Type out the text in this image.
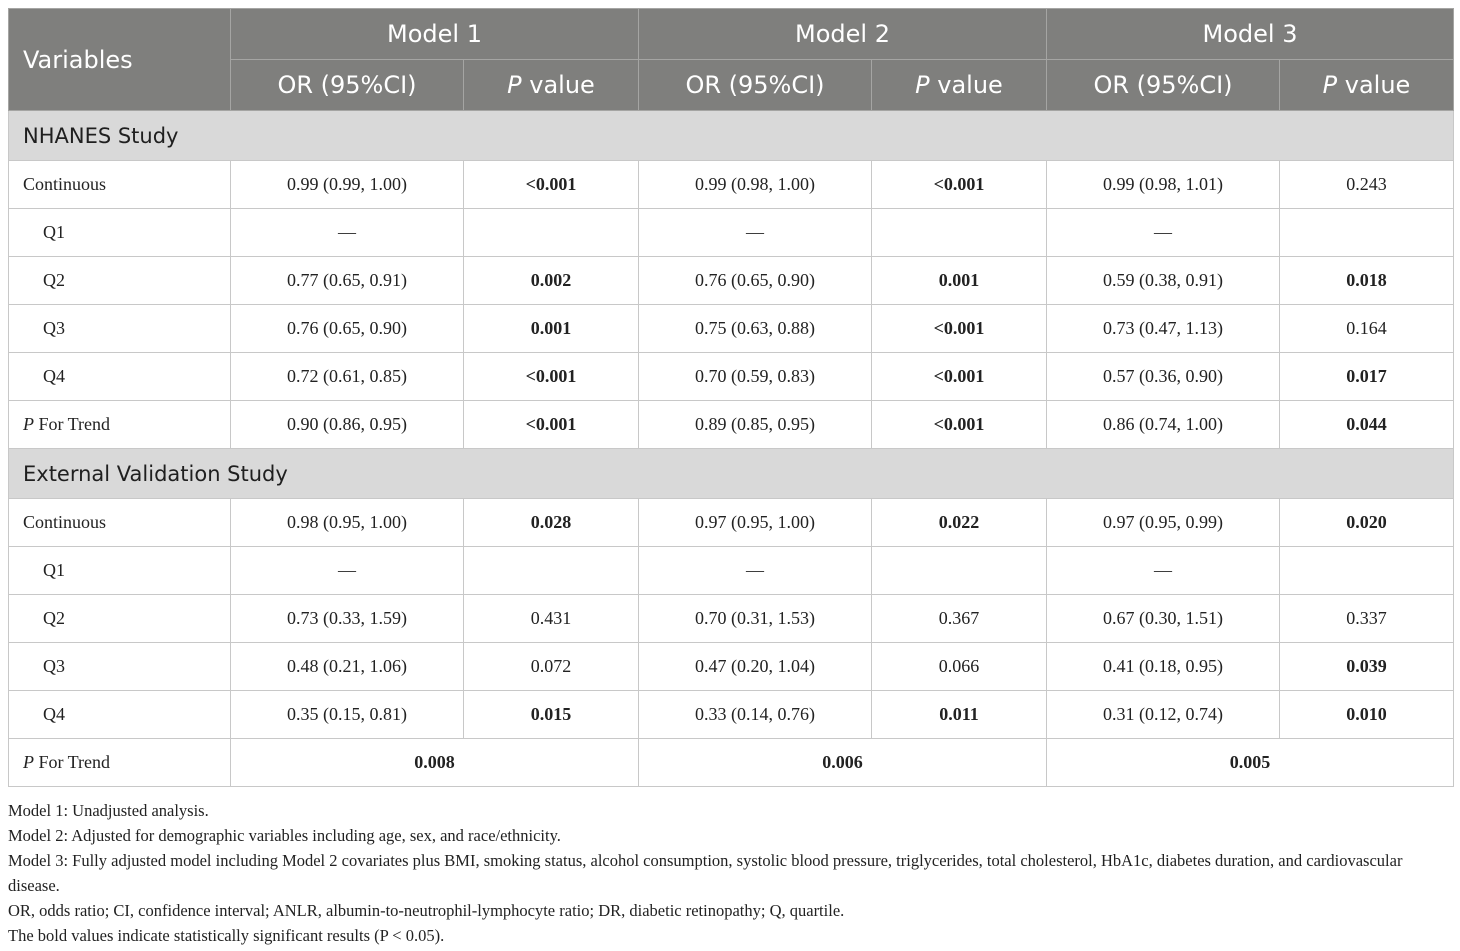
Variables	Model 1		Model 2		Model 3	
	OR (95%CI)	P value	OR (95%CI)	P value	OR (95%CI)	P value
NHANES Study						
Continuous	0.99 (0.99, 1.00)	<0.001	0.99 (0.98, 1.00)	<0.001	0.99 (0.98, 1.01)	0.243
Q1	—		—		—	
Q2	0.77 (0.65, 0.91)	0.002	0.76 (0.65, 0.90)	0.001	0.59 (0.38, 0.91)	0.018
Q3	0.76 (0.65, 0.90)	0.001	0.75 (0.63, 0.88)	<0.001	0.73 (0.47, 1.13)	0.164
Q4	0.72 (0.61, 0.85)	<0.001	0.70 (0.59, 0.83)	<0.001	0.57 (0.36, 0.90)	0.017
P For Trend	0.90 (0.86, 0.95)	<0.001	0.89 (0.85, 0.95)	<0.001	0.86 (0.74, 1.00)	0.044
External Validation Study						
Continuous	0.98 (0.95, 1.00)	0.028	0.97 (0.95, 1.00)	0.022	0.97 (0.95, 0.99)	0.020
Q1	—		—		—	
Q2	0.73 (0.33, 1.59)	0.431	0.70 (0.31, 1.53)	0.367	0.67 (0.30, 1.51)	0.337
Q3	0.48 (0.21, 1.06)	0.072	0.47 (0.20, 1.04)	0.066	0.41 (0.18, 0.95)	0.039
Q4	0.35 (0.15, 0.81)	0.015	0.33 (0.14, 0.76)	0.011	0.31 (0.12, 0.74)	0.010
P For Trend	0.008		0.006		0.005	

Model 1: Unadjusted analysis.

Model 2: Adjusted for demographic variables including age, sex, and race/ethnicity.

Model 3: Fully adjusted model including Model 2 covariates plus BMI, smoking status, alcohol consumption, systolic blood pressure, triglycerides, total cholesterol, HbA1c, diabetes duration, and cardiovascular disease.

OR, odds ratio; CI, confidence interval; ANLR, albumin-to-neutrophil-lymphocyte ratio; DR, diabetic retinopathy; Q, quartile.

The bold values indicate statistically significant results (P < 0.05).
